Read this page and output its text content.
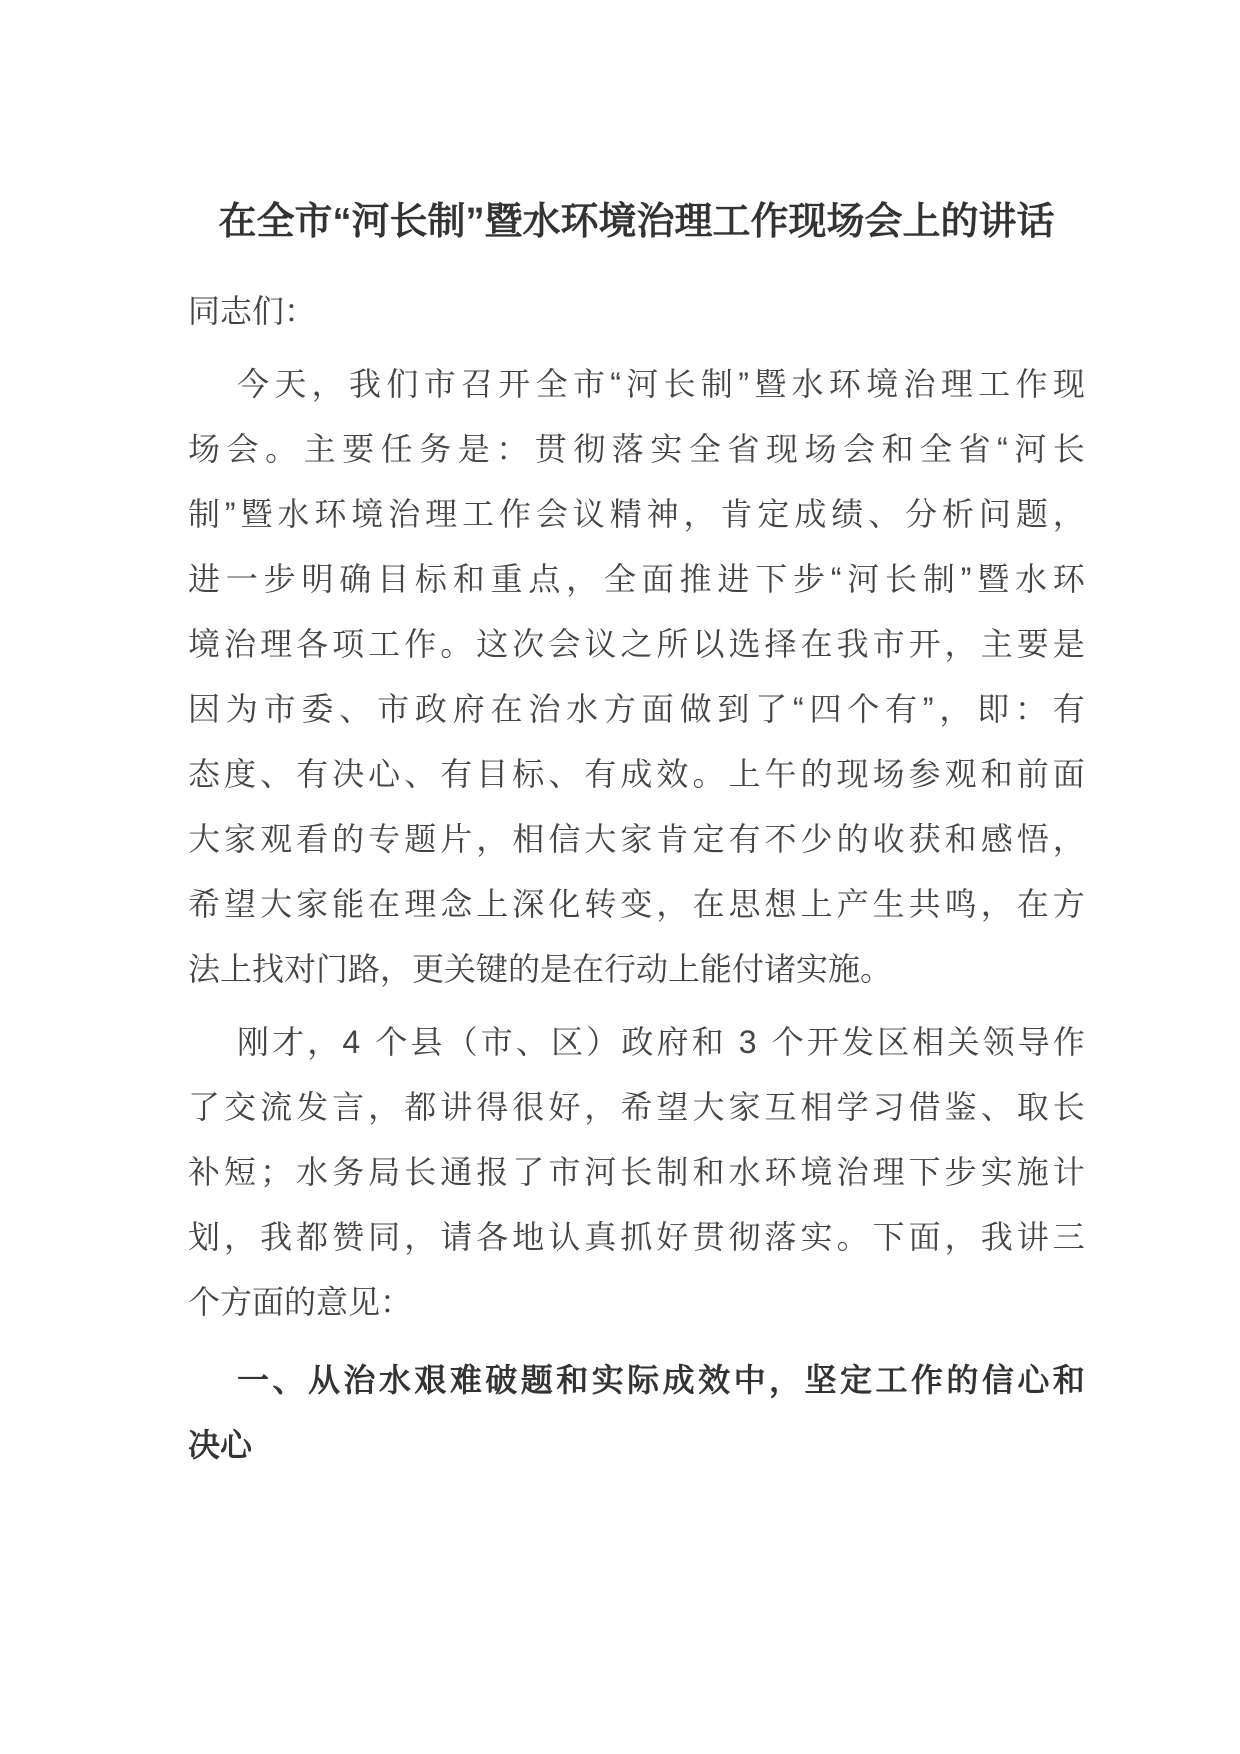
在全市“河长制”暨水环境治理工作现场会上的讲话
同志们：
今 天 ， 我 们 市 召 开 全 市 “ 河 长 制 ” 暨 水 环 境 治 理 工 作 现
场 会 。 主 要 任 务 是 ： 贯 彻 落 实 全 省 现 场 会 和 全 省 “ 河 长
制 ” 暨 水 环 境 治 理 工 作 会 议 精 神 ， 肯 定 成 绩 、 分 析 问 题 ，
进 一 步 明 确 目 标 和 重 点 ， 全 面 推 进 下 步 “ 河 长 制 ” 暨 水 环
境 治 理 各 项 工 作 。 这 次 会 议 之 所 以 选 择 在 我 市 开 ， 主 要 是
因 为 市 委 、 市 政 府 在 治 水 方 面 做 到 了 “ 四 个 有 ” ， 即 ： 有
态 度 、 有 决 心 、 有 目 标 、 有 成 效 。 上 午 的 现 场 参 观 和 前 面
大 家 观 看 的 专 题 片 ， 相 信 大 家 肯 定 有 不 少 的 收 获 和 感 悟 ，
希 望 大 家 能 在 理 念 上 深 化 转 变 ， 在 思 想 上 产 生 共 鸣 ， 在 方
法上找对门路，更关键的是在行动上能付诸实施。
刚 才 ， 4
个 县 （ 市 、 区 ） 政 府 和
3
个 开 发 区 相 关 领 导 作
了 交 流 发 言 ， 都 讲 得 很 好 ， 希 望 大 家 互 相 学 习 借 鉴 、 取 长
补 短 ； 水 务 局 长 通 报 了 市 河 长 制 和 水 环 境 治 理 下 步 实 施 计
划 ， 我 都 赞 同 ， 请 各 地 认 真 抓 好 贯 彻 落 实 。 下 面 ， 我 讲 三
个方面的意见：
一 、 从 治 水 艰 难 破 题 和 实 际 成 效 中 ， 坚 定 工 作 的 信 心 和
决心
